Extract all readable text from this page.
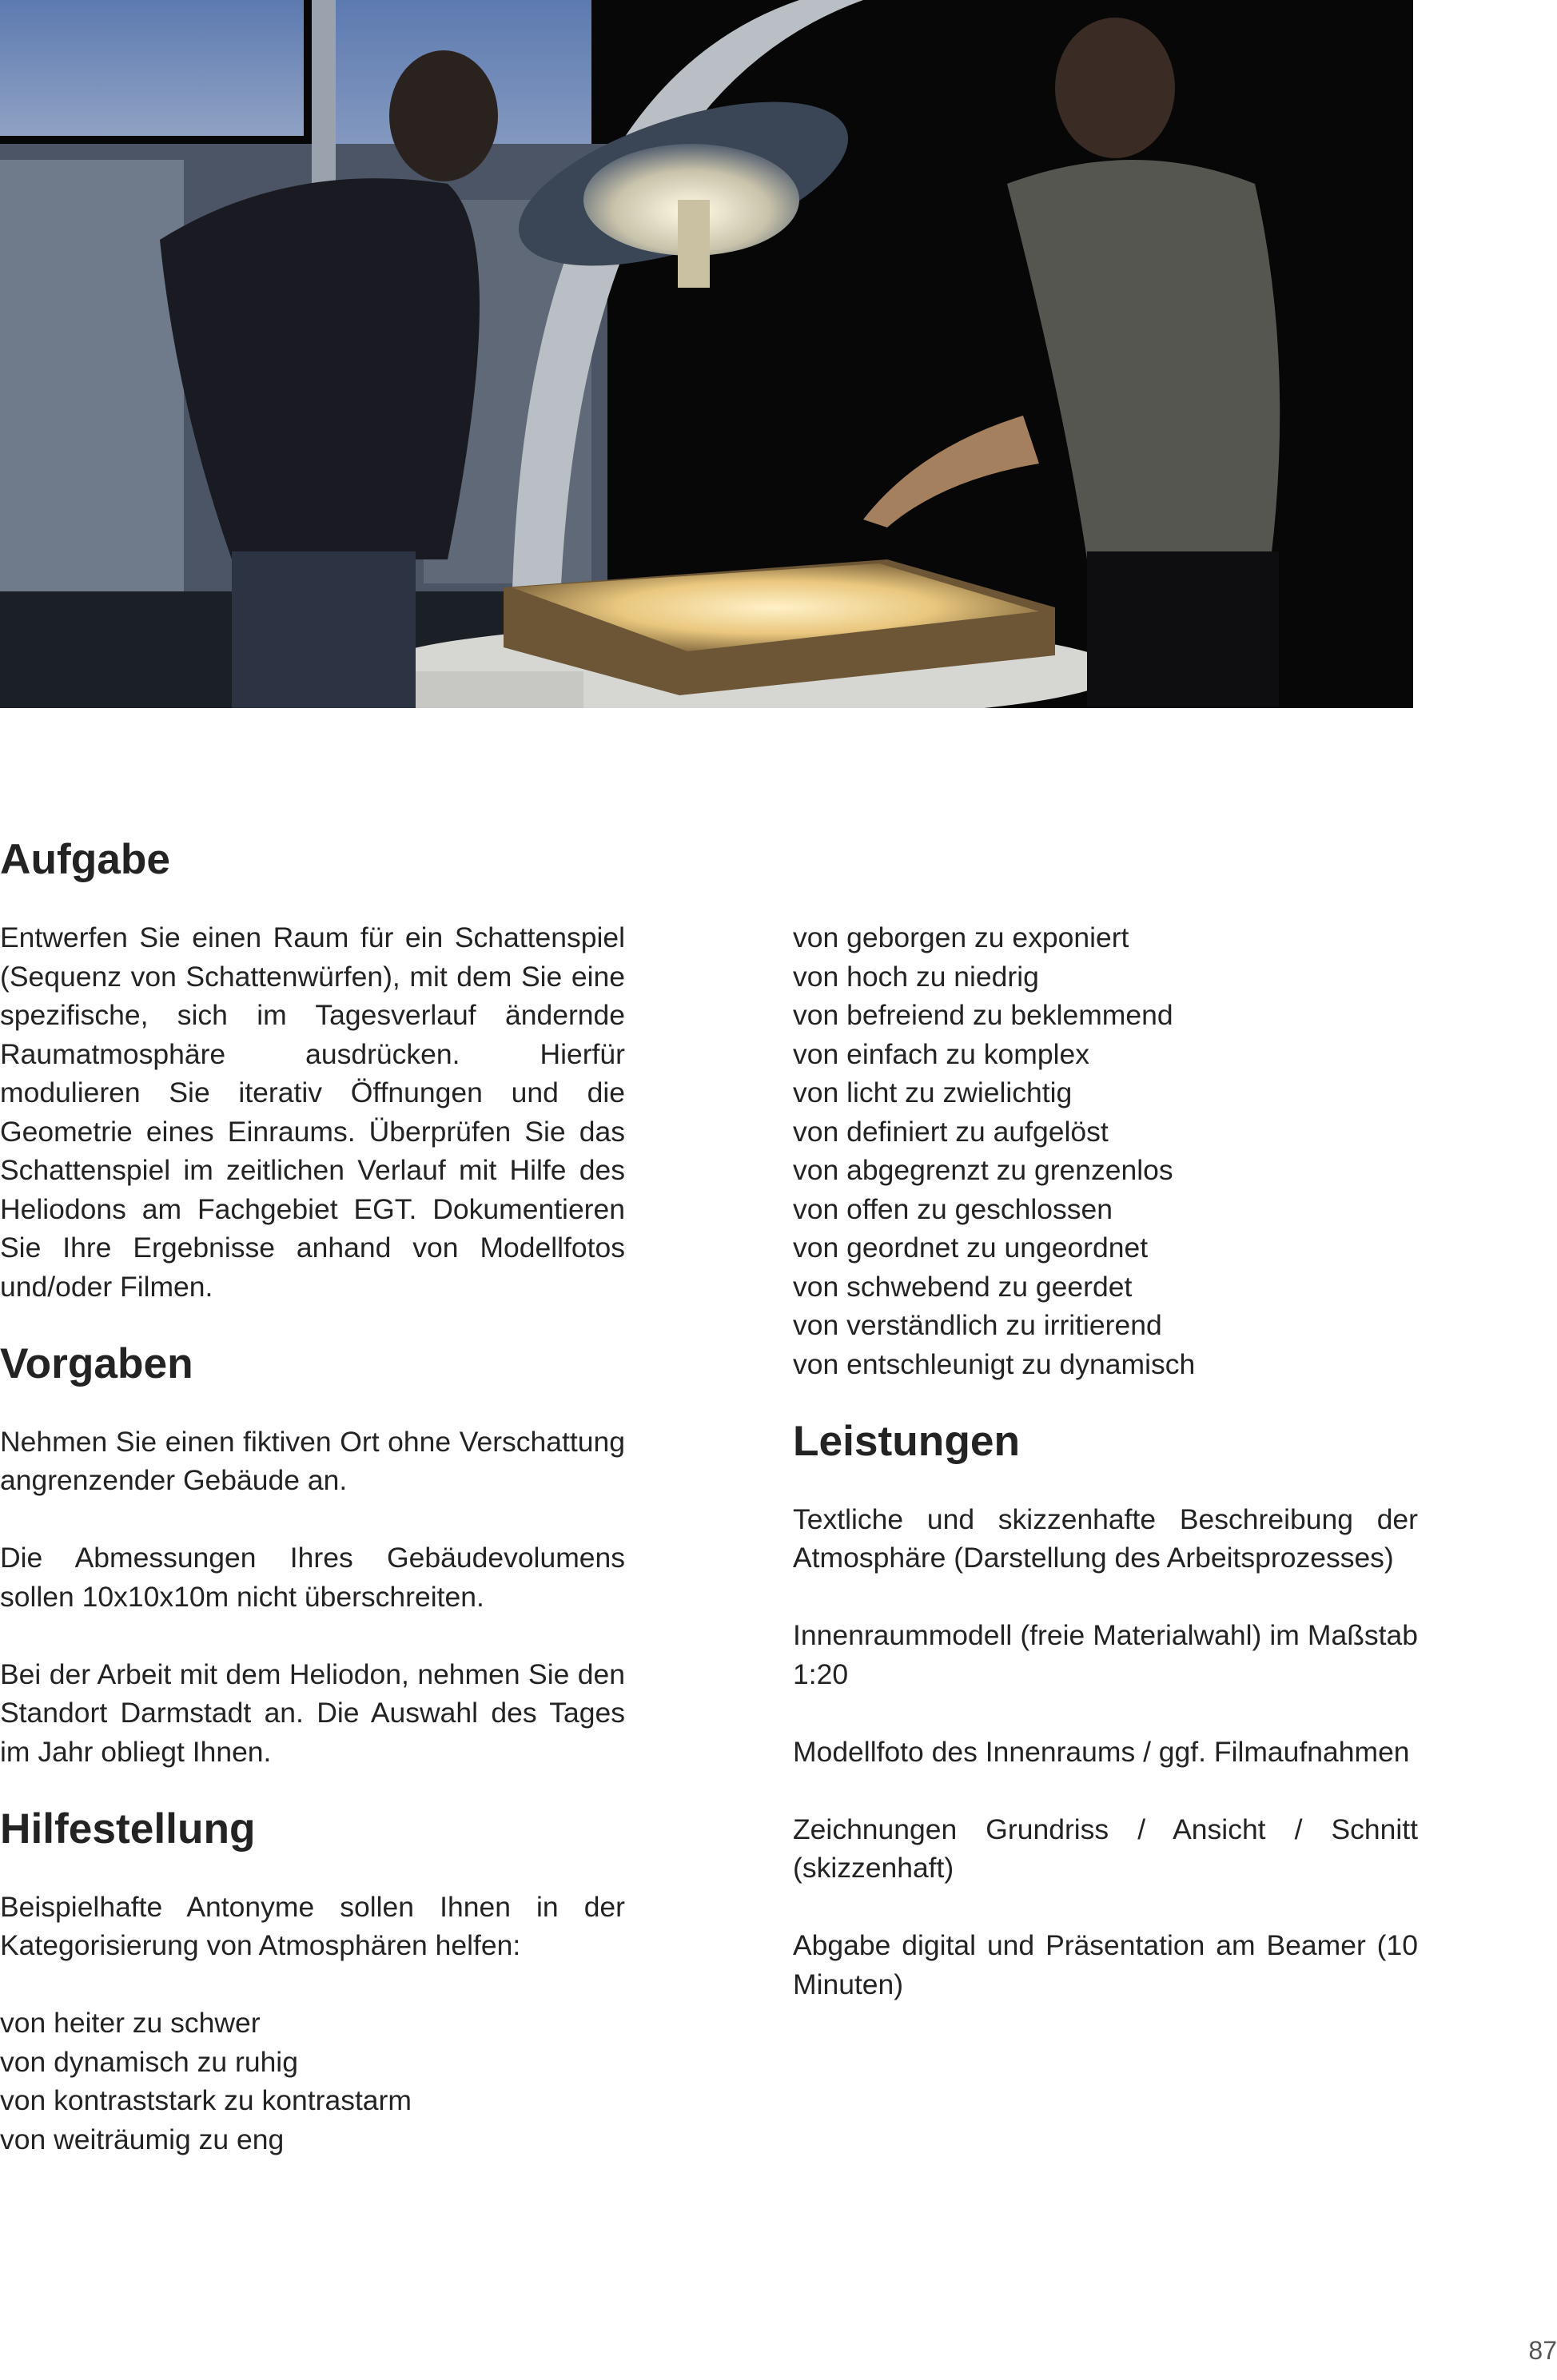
Aufgabe

Entwerfen Sie einen Raum für ein Schattenspiel (Sequenz von Schattenwürfen), mit dem Sie eine spezifische, sich im Tagesverlauf ändernde Raumatmosphäre ausdrücken. Hierfür modulieren Sie iterativ Öffnungen und die Geometrie eines Einraums. Überprüfen Sie das Schattenspiel im zeitlichen Verlauf mit Hilfe des Heliodons am Fachgebiet EGT. Dokumentieren Sie Ihre Ergebnisse anhand von Modellfotos und/oder Filmen.

Vorgaben

Nehmen Sie einen fiktiven Ort ohne Verschattung angrenzender Gebäude an.

Die Abmessungen Ihres Gebäudevolumens sollen 10x10x10m nicht überschreiten.

Bei der Arbeit mit dem Heliodon, nehmen Sie den Standort Darmstadt an. Die Auswahl des Tages im Jahr obliegt Ihnen.

Hilfestellung

Beispielhafte Antonyme sollen Ihnen in der Kategorisierung von Atmosphären helfen:

von heiter zu schwer
von dynamisch zu ruhig
von kontraststark zu kontrastarm
von weiträumig zu eng
von geborgen zu exponiert
von hoch zu niedrig
von befreiend zu beklemmend
von einfach zu komplex
von licht zu zwielichtig
von definiert zu aufgelöst
von abgegrenzt zu grenzenlos
von offen zu geschlossen
von geordnet zu ungeordnet
von schwebend zu geerdet
von verständlich zu irritierend
von entschleunigt zu dynamisch
Leistungen

Textliche und skizzenhafte Beschreibung der Atmosphäre (Darstellung des Arbeitsprozesses)

Innenraummodell (freie Materialwahl) im Maßstab 1:20

Modellfoto des Innenraums / ggf. Filmaufnahmen

Zeichnungen Grundriss / Ansicht / Schnitt (skizzenhaft)

Abgabe digital und Präsentation am Beamer (10 Minuten)

87
